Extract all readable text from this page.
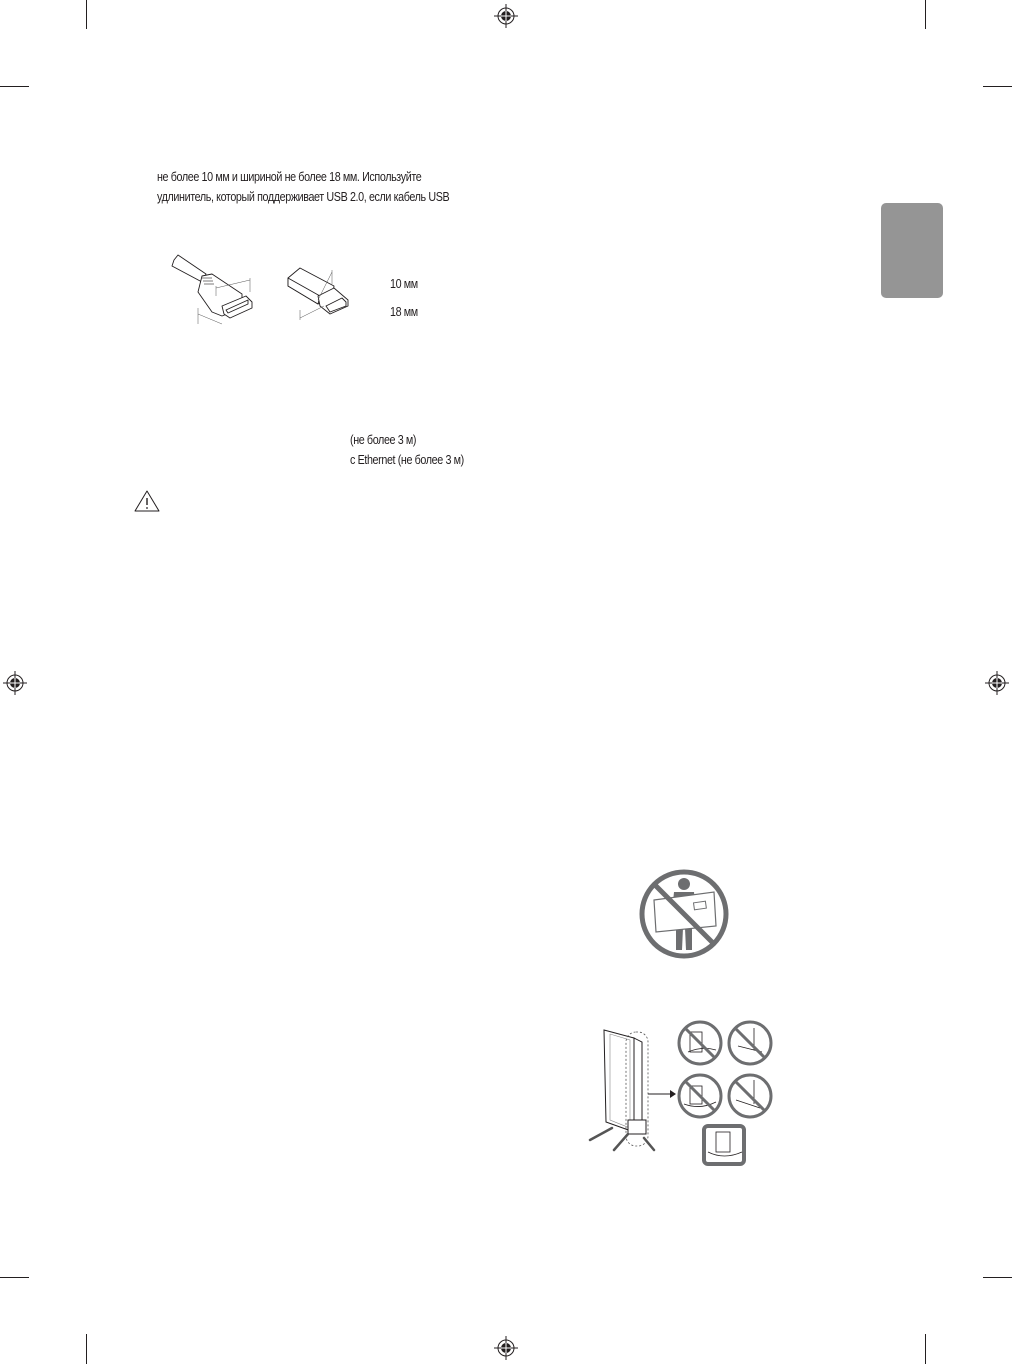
не более 10 мм и шириной не более 18 мм. Используйте
удлинитель, который поддерживает USB 2.0, если кабель USB
10 мм
18 мм
(не более 3 м)
с Ethernet (не более 3 м)
